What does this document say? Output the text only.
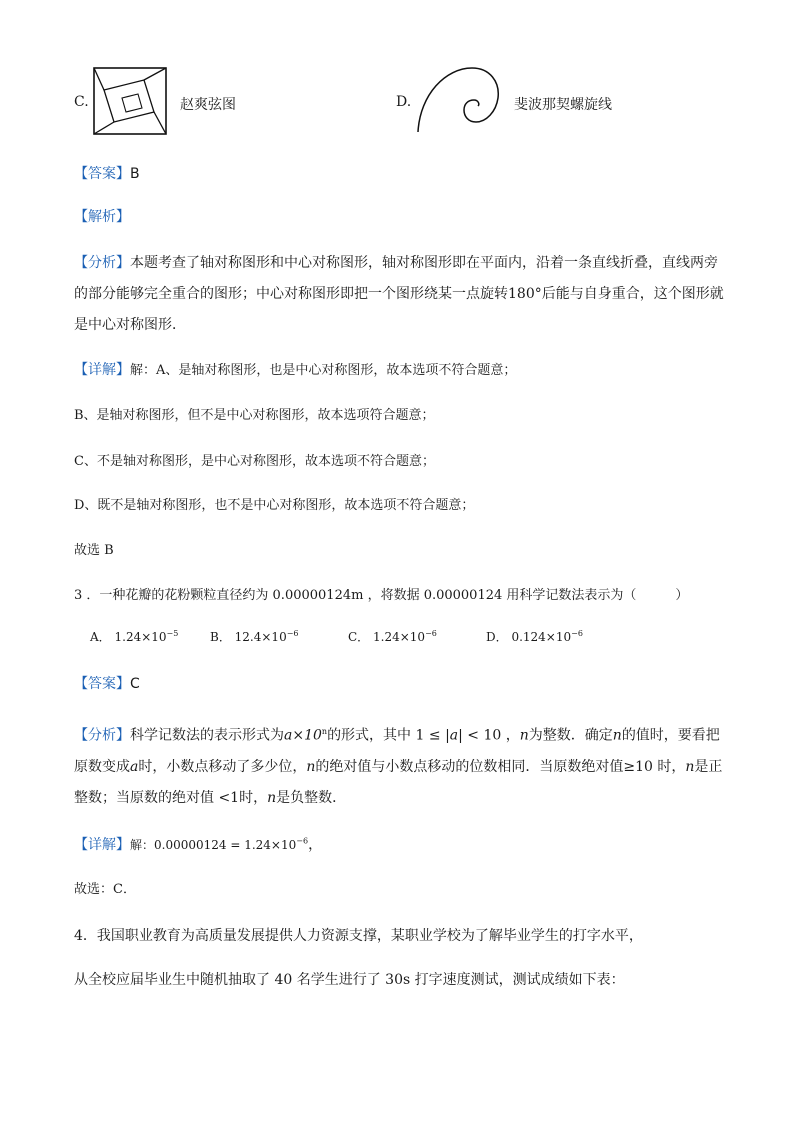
C.	赵爽弦图	D.	斐波那契螺旋线
【答案】B
【解析】
【分析】本题考查了轴对称图形和中心对称图形，轴对称图形即在平面内，沿着一条直线折叠，直线两旁的部分能够完全重合的图形；中心对称图形即把一个图形绕某一点旋转180°后能与自身重合，这个图形就是中心对称图形．
【详解】解：A、是轴对称图形，也是中心对称图形，故本选项不符合题意；
B、是轴对称图形，但不是中心对称图形，故本选项符合题意；
C、不是轴对称图形，是中心对称图形，故本选项不符合题意；
D、既不是轴对称图形，也不是中心对称图形，故本选项不符合题意；
故选 B
3 ．一种花瓣的花粉颗粒直径约为 0.00000124m ，将数据 0.00000124 用科学记数法表示为（　　　）
A． $1.24\times 10^{-5}$	B． $12.4\times 10^{-6}$	C． $1.24\times 10^{-6}$	D． $0.124\times 10^{-6}$
【答案】C
【分析】科学记数法的表示形式为$a\times 10^n$的形式，其中 1 ≤ |a| < 10 ，n为整数．确定n的值时，要看把原数变成a时，小数点移动了多少位，n的绝对值与小数点移动的位数相同．当原数绝对值≥10 时，n是正整数；当原数的绝对值 <1时，n是负整数．
【详解】解：$0.00000124 = 1.24\times 10^{-6}$，
故选：C．
4．我国职业教育为高质量发展提供人力资源支撑，某职业学校为了解毕业学生的打字水平，
从全校应届毕业生中随机抽取了 40 名学生进行了 30s 打字速度测试，测试成绩如下表：
